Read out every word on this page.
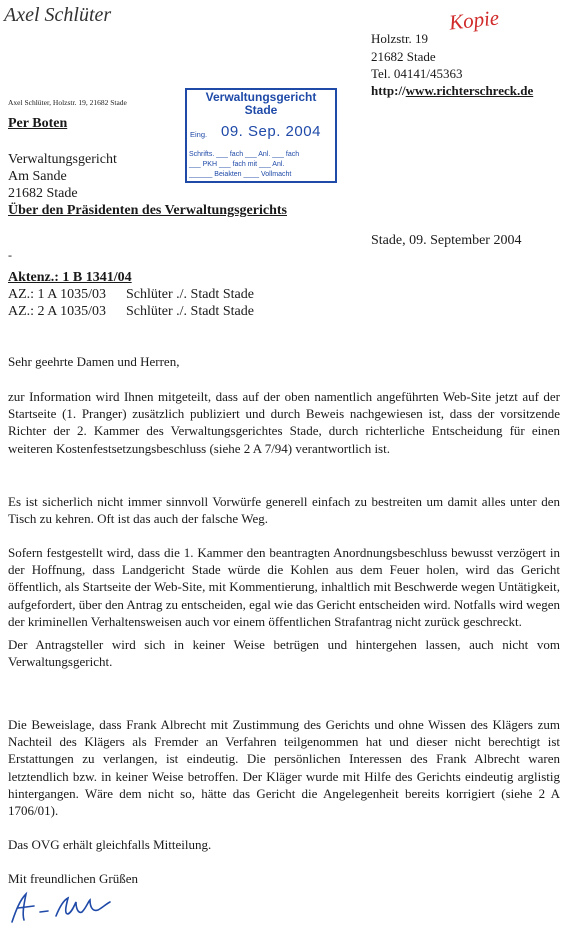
Axel Schlüter	Kopie
Holzstr. 19
21682 Stade
Tel. 04141/45363
http://www.richterschreck.de
Axel Schlüter, Holzstr. 19, 21682 Stade	Verwaltungsgericht
Stade
Eing. 09. Sep. 2004
Schrifts. ___ fach ___ Anl. ___ fach
___ PKH ___ fach mit ___ Anl.
______ Beiakten ____ Vollmacht
Per Boten
Verwaltungsgericht
Am Sande
21682 Stade
Über den Präsidenten des Verwaltungsgerichts
Stade, 09. September 2004
-
Aktenz.: 1 B 1341/04
AZ.: 1 A 1035/03 Schlüter ./. Stadt Stade
AZ.: 2 A 1035/03 Schlüter ./. Stadt Stade
Sehr geehrte Damen und Herren,
zur Information wird Ihnen mitgeteilt, dass auf der oben namentlich angeführten Web-Site jetzt auf der Startseite (1. Pranger) zusätzlich publiziert und durch Beweis nachgewiesen ist, dass der vorsitzende Richter der 2. Kammer des Verwaltungsgerichtes Stade, durch richterliche Entscheidung für einen weiteren Kostenfestsetzungsbeschluss (siehe 2 A 7/94) verantwortlich ist.
Es ist sicherlich nicht immer sinnvoll Vorwürfe generell einfach zu bestreiten um damit alles unter den Tisch zu kehren. Oft ist das auch der falsche Weg.
Sofern festgestellt wird, dass die 1. Kammer den beantragten Anordnungsbeschluss bewusst verzögert in der Hoffnung, dass Landgericht Stade würde die Kohlen aus dem Feuer holen, wird das Gericht öffentlich, als Startseite der Web-Site, mit Kommentierung, inhaltlich mit Beschwerde wegen Untätigkeit, aufgefordert, über den Antrag zu entscheiden, egal wie das Gericht entscheiden wird. Notfalls wird wegen der kriminellen Verhaltensweisen auch vor einem öffentlichen Strafantrag nicht zurück geschreckt.
Der Antragsteller wird sich in keiner Weise betrügen und hintergehen lassen, auch nicht vom Verwaltungsgericht.
Die Beweislage, dass Frank Albrecht mit Zustimmung des Gerichts und ohne Wissen des Klägers zum Nachteil des Klägers als Fremder an Verfahren teilgenommen hat und dieser nicht berechtigt ist Erstattungen zu verlangen, ist eindeutig. Die persönlichen Interessen des Frank Albrecht waren letztendlich bzw. in keiner Weise betroffen. Der Kläger wurde mit Hilfe des Gerichts eindeutig arglistig hintergangen. Wäre dem nicht so, hätte das Gericht die Angelegenheit bereits korrigiert (siehe 2 A 1706/01).
Das OVG erhält gleichfalls Mitteilung.
Mit freundlichen Grüßen
